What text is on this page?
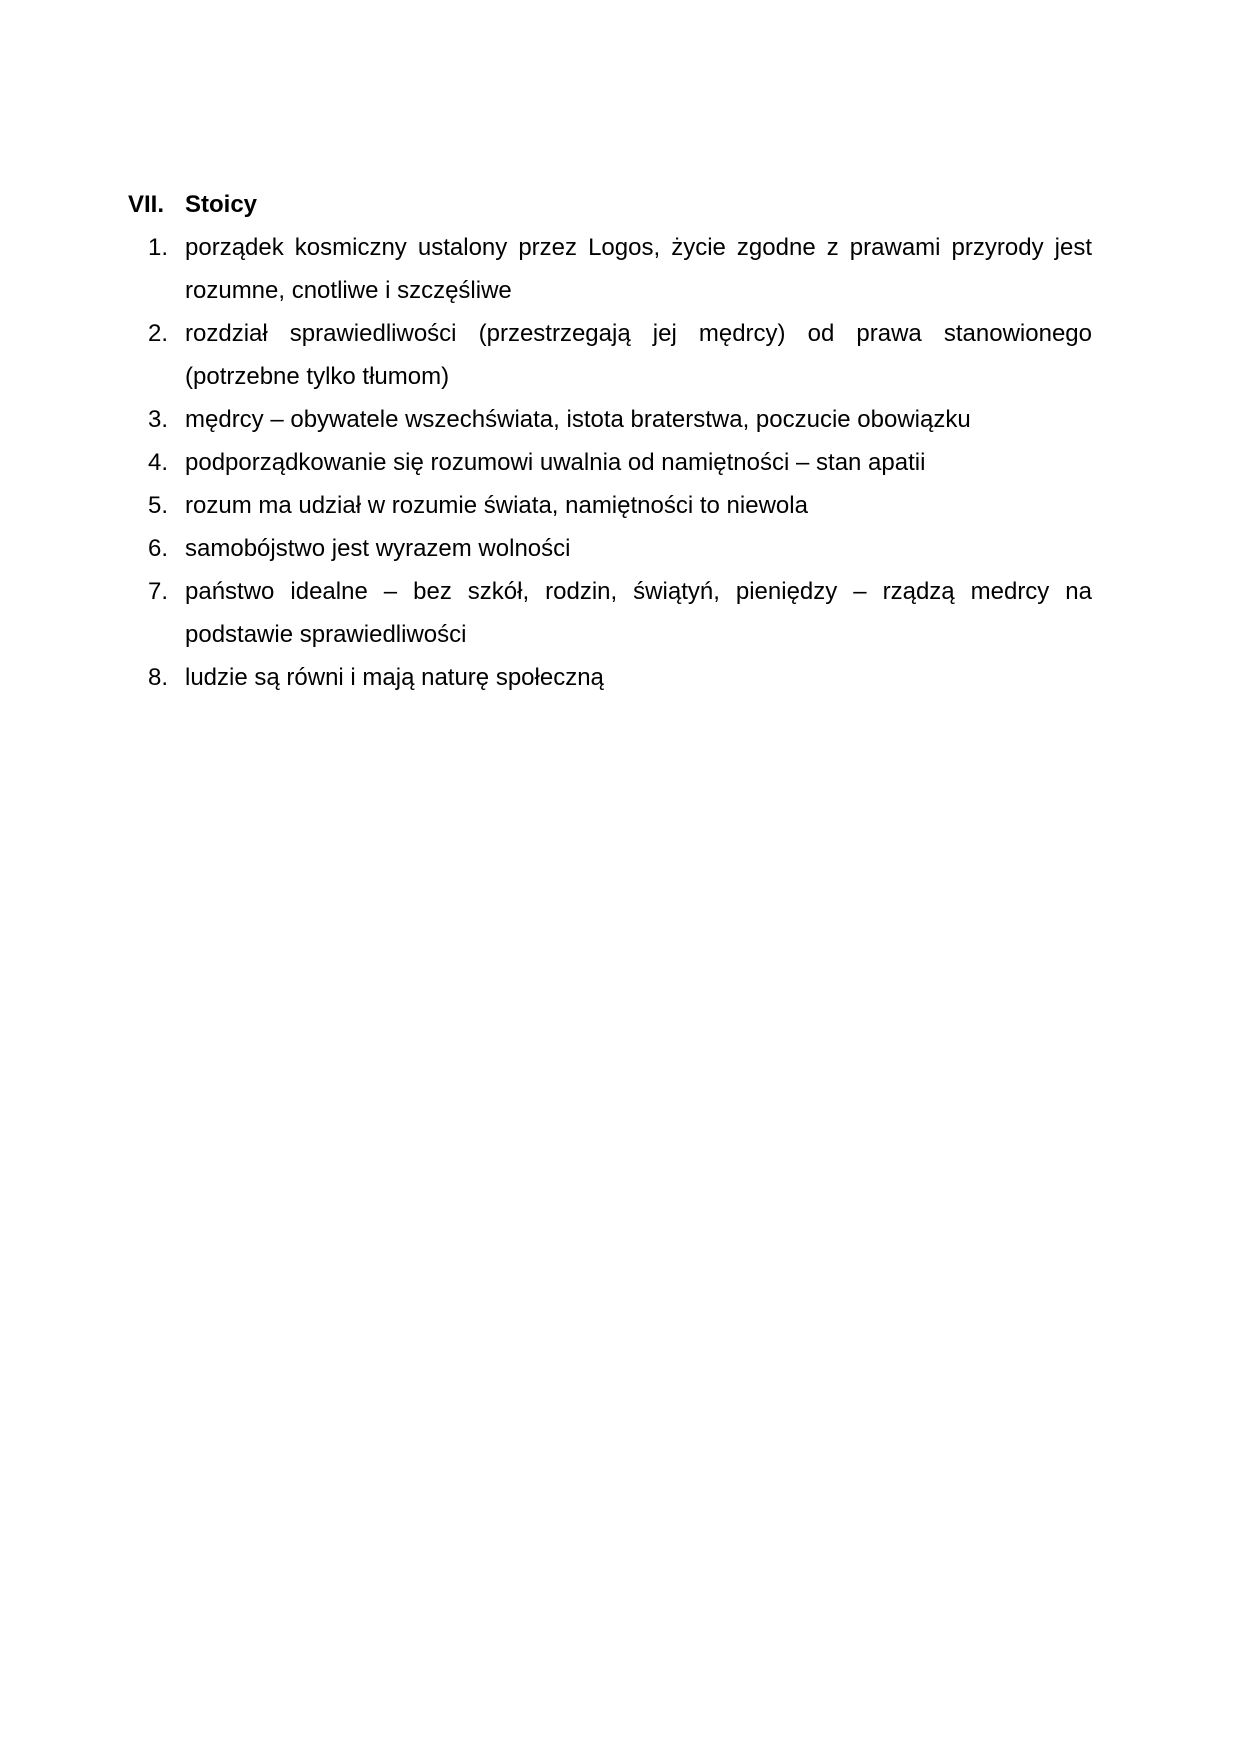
VII. Stoicy
1. porządek kosmiczny ustalony przez Logos, życie zgodne z prawami przyrody jest rozumne, cnotliwe i szczęśliwe
2. rozdział sprawiedliwości (przestrzegają jej mędrcy) od prawa stanowionego (potrzebne tylko tłumom)
3. mędrcy – obywatele wszechświata, istota braterstwa, poczucie obowiązku
4. podporządkowanie się rozumowi uwalnia od namiętności – stan apatii
5. rozum ma udział w rozumie świata, namiętności to niewola
6. samobójstwo jest wyrazem wolności
7. państwo idealne – bez szkół, rodzin, świątyń, pieniędzy – rządzą medrcy na podstawie sprawiedliwości
8. ludzie są równi i mają naturę społeczną
